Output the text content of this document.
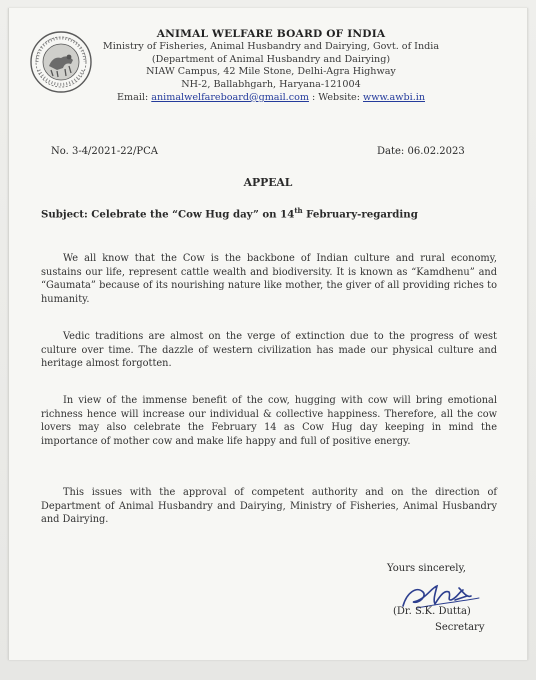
ANIMAL WELFARE BOARD OF INDIA
Ministry of Fisheries, Animal Husbandry and Dairying, Govt. of India
(Department of Animal Husbandry and Dairying)
NIAW Campus, 42 Mile Stone, Delhi-Agra Highway
NH-2, Ballabhgarh, Haryana-121004
Email: animalwelfareboard@gmail.com : Website: www.awbi.in
No. 3-4/2021-22/PCA	Date: 06.02.2023
APPEAL
Subject: Celebrate the “Cow Hug day” on 14th February-regarding
We all know that the Cow is the backbone of Indian culture and rural economy, sustains our life, represent cattle wealth and biodiversity. It is known as “Kamdhenu” and “Gaumata” because of its nourishing nature like mother, the giver of all providing riches to humanity.
Vedic traditions are almost on the verge of extinction due to the progress of west culture over time. The dazzle of western civilization has made our physical culture and heritage almost forgotten.
In view of the immense benefit of the cow, hugging with cow will bring emotional richness hence will increase our individual & collective happiness. Therefore, all the cow lovers may also celebrate the February 14 as Cow Hug day keeping in mind the importance of mother cow and make life happy and full of positive energy.
This issues with the approval of competent authority and on the direction of Department of Animal Husbandry and Dairying, Ministry of Fisheries, Animal Husbandry and Dairying.
Yours sincerely,
(Dr. S.K. Dutta)
Secretary
